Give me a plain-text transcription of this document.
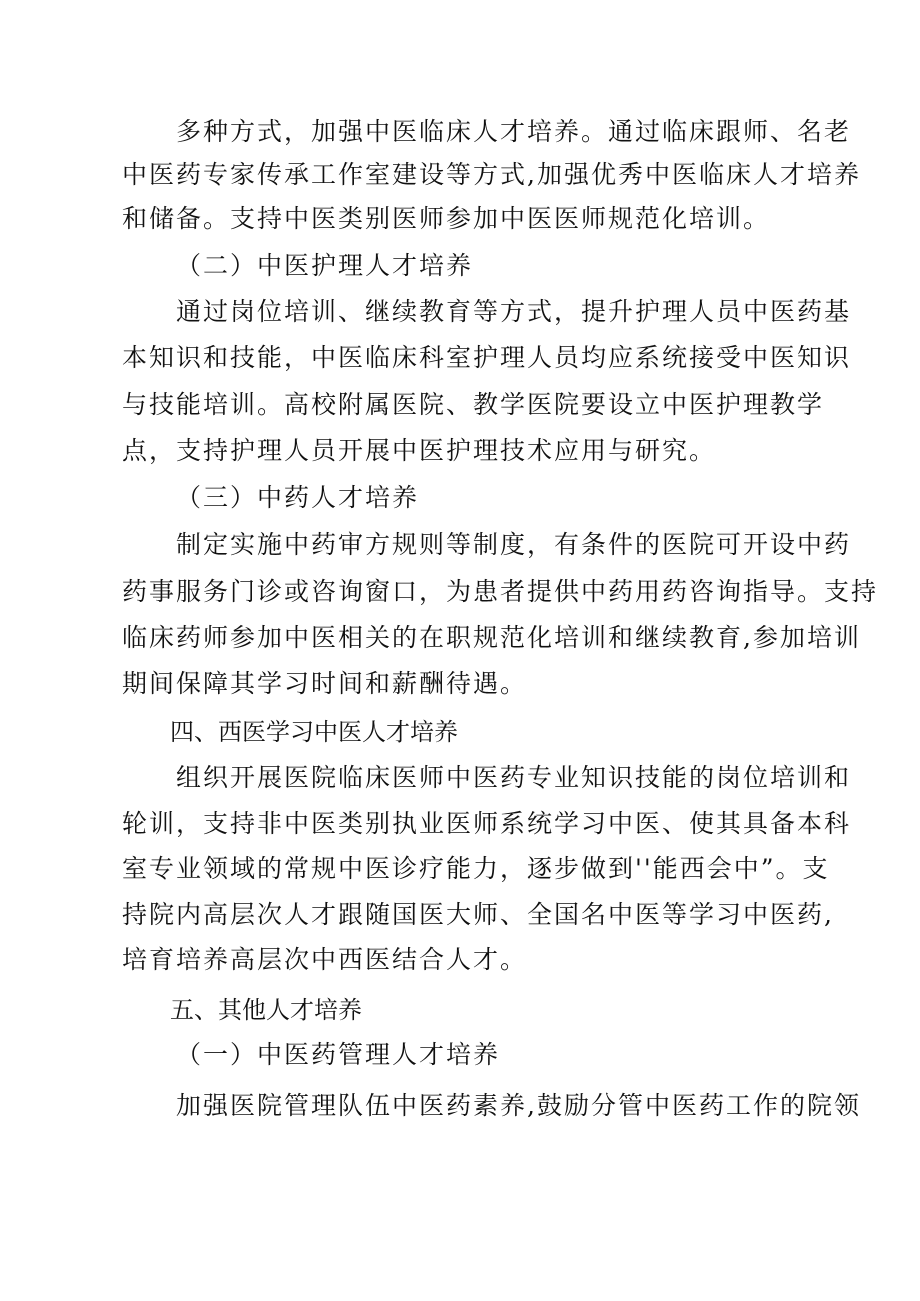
多种方式，加强中医临床人才培养。通过临床跟师、名老

中医药专家传承工作室建设等方式,加强优秀中医临床人才培养

和储备。支持中医类别医师参加中医医师规范化培训。

（二）中医护理人才培养

通过岗位培训、继续教育等方式，提升护理人员中医药基

本知识和技能，中医临床科室护理人员均应系统接受中医知识

与技能培训。高校附属医院、教学医院要设立中医护理教学

点，支持护理人员开展中医护理技术应用与研究。

（三）中药人才培养

制定实施中药审方规则等制度，有条件的医院可开设中药

药事服务门诊或咨询窗口，为患者提供中药用药咨询指导。支持

临床药师参加中医相关的在职规范化培训和继续教育,参加培训

期间保障其学习时间和薪酬待遇。

四、西医学习中医人才培养

组织开展医院临床医师中医药专业知识技能的岗位培训和

轮训，支持非中医类别执业医师系统学习中医、使其具备本科

室专业领域的常规中医诊疗能力，逐步做到''能西会中”。支

持院内高层次人才跟随国医大师、全国名中医等学习中医药,

培育培养高层次中西医结合人才。

五、其他人才培养

（一）中医药管理人才培养

加强医院管理队伍中医药素养,鼓励分管中医药工作的院领
